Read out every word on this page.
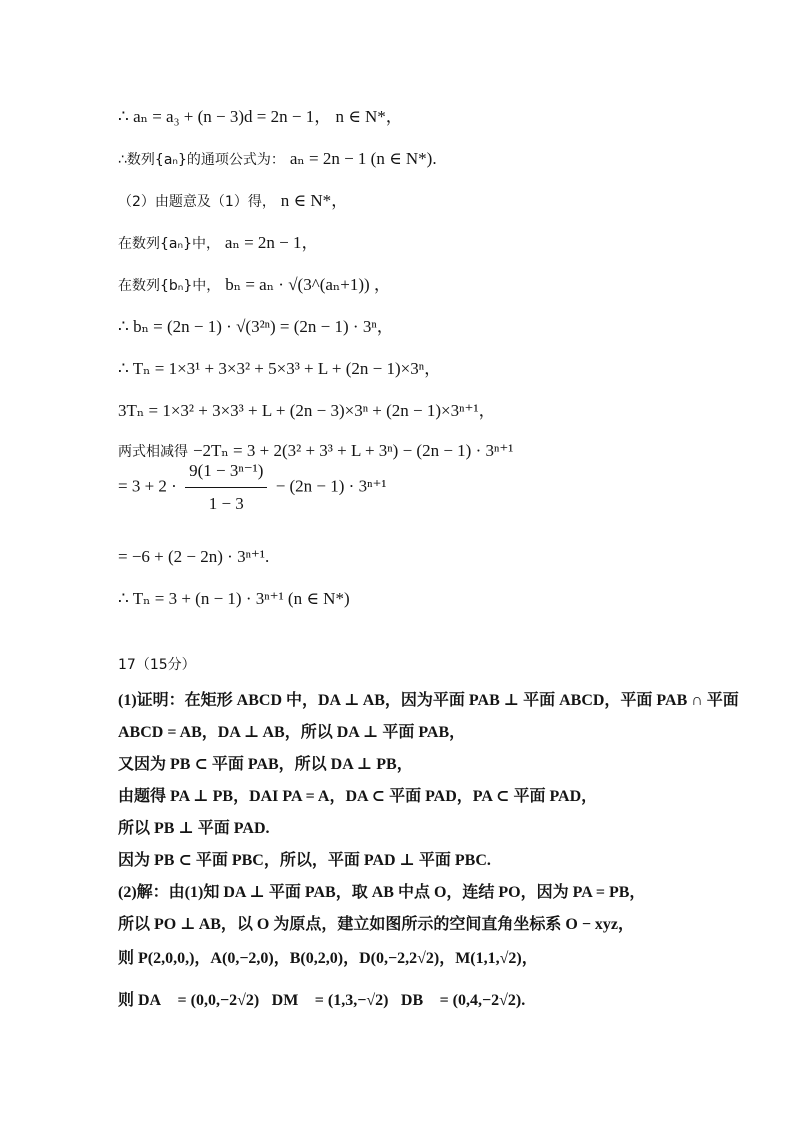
∴ aₙ = a₃ + (n − 3)d = 2n − 1， n ∈ N*，
∴数列{aₙ}的通项公式为： aₙ = 2n − 1 (n ∈ N*).
（2）由题意及（1）得， n ∈ N*，
在数列{aₙ}中， aₙ = 2n − 1，
在数列{bₙ}中， bₙ = aₙ · √(3^(aₙ+1)) ，
∴ bₙ = (2n − 1) · √(3²ⁿ) = (2n − 1) · 3ⁿ，
∴ Tₙ = 1×3¹ + 3×3² + 5×3³ + L + (2n − 1)×3ⁿ，
3Tₙ = 1×3² + 3×3³ + L + (2n − 3)×3ⁿ + (2n − 1)×3ⁿ⁺¹，
两式相减得 −2Tₙ = 3 + 2(3² + 3³ + L + 3ⁿ) − (2n − 1) · 3ⁿ⁺¹
= $3 + 2 \cdot \frac{\text{9(1 − 3ⁿ⁻¹)}}{1 - 3} - (2n - 1) \cdot 3^{n+1}$
= −6 + (2 − 2n) · 3ⁿ⁺¹.
∴ Tₙ = 3 + (n − 1) · 3ⁿ⁺¹ (n ∈ N*)
17（15分）
(1)证明：在矩形 ABCD 中，DA ⊥ AB，因为平面 PAB ⊥ 平面 ABCD，平面 PAB ∩ 平面
ABCD = AB，DA ⊥ AB，所以 DA ⊥ 平面 PAB，
又因为 PB ⊂ 平面 PAB，所以 DA ⊥ PB，
由题得 PA ⊥ PB，DAI PA = A，DA ⊂ 平面 PAD，PA ⊂ 平面 PAD，
所以 PB ⊥ 平面 PAD.
因为 PB ⊂ 平面 PBC，所以，平面 PAD ⊥ 平面 PBC.
(2)解：由(1)知 DA ⊥ 平面 PAB，取 AB 中点 O，连结 PO，因为 PA = PB，
所以 PO ⊥ AB，以 O 为原点，建立如图所示的空间直角坐标系 O − xyz，
则 P(2,0,0,)，A(0,−2,0)，B(0,2,0)，D(0,−2,2√2)，M(1,1,√2)，
则 DA⃗ = (0,0,−2√2)，DM⃗ = (1,3,−√2)，DB⃗ = (0,4,−2√2).
